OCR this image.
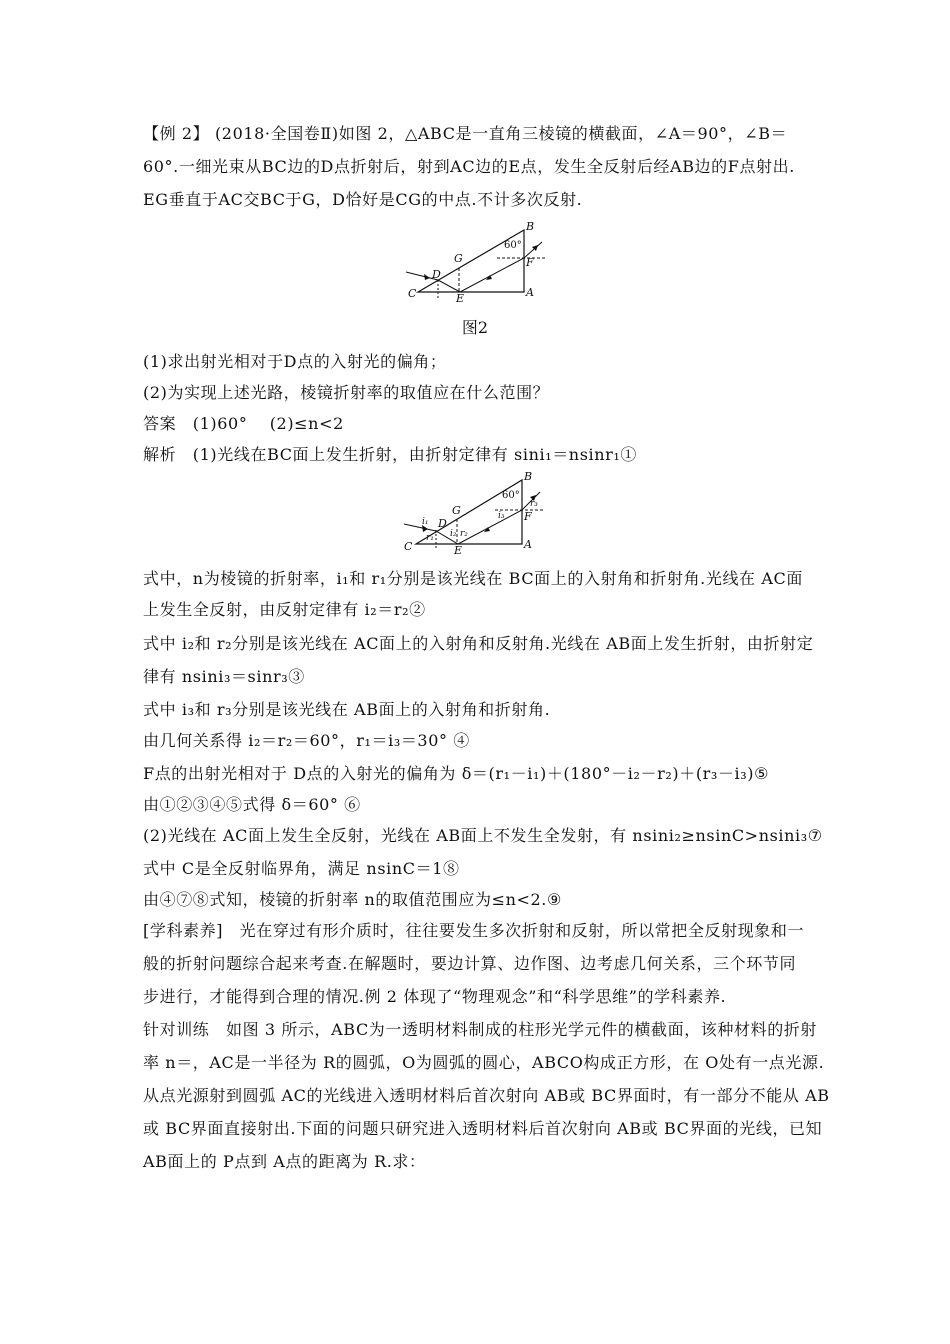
【例 2】 (2018·全国卷Ⅱ)如图 2，△ABC是一直角三棱镜的横截面，∠A＝90°，∠B＝
60°.一细光束从BC边的D点折射后，射到AC边的E点，发生全反射后经AB边的F点射出.
EG垂直于AC交BC于G，D恰好是CG的中点.不计多次反射.
B
C	A
D
E
F
G
60°
图2
(1)求出射光相对于D点的入射光的偏角；
(2)为实现上述光路，棱镜折射率的取值应在什么范围？
答案　(1)60°　 (2)≤n<2
解析　(1)光线在BC面上发生折射，由折射定律有 sini₁＝nsinr₁①
B
C	A
D
E
F
G
60°
i₁
r₁ i₂ r₂
i₃
r₃
式中，n为棱镜的折射率，i₁和 r₁分别是该光线在 BC面上的入射角和折射角.光线在 AC面
上发生全反射，由反射定律有 i₂＝r₂②
式中 i₂和 r₂分别是该光线在 AC面上的入射角和反射角.光线在 AB面上发生折射，由折射定
律有 nsini₃＝sinr₃③
式中 i₃和 r₃分别是该光线在 AB面上的入射角和折射角.
由几何关系得 i₂＝r₂＝60°，r₁＝i₃＝30° ④
F点的出射光相对于 D点的入射光的偏角为 δ＝(r₁－i₁)＋(180°－i₂－r₂)＋(r₃－i₃)⑤
由①②③④⑤式得 δ＝60° ⑥
(2)光线在 AC面上发生全反射，光线在 AB面上不发生全发射，有 nsini₂≥nsinC>nsini₃⑦
式中 C是全反射临界角，满足 nsinC＝1⑧
由④⑦⑧式知，棱镜的折射率 n的取值范围应为≤n<2.⑨
[学科素养]　光在穿过有形介质时，往往要发生多次折射和反射，所以常把全反射现象和一
般的折射问题综合起来考查.在解题时，要边计算、边作图、边考虑几何关系，三个环节同
步进行，才能得到合理的情况.例 2 体现了“物理观念”和“科学思维”的学科素养.
针对训练　如图 3 所示，ABC为一透明材料制成的柱形光学元件的横截面，该种材料的折射
率 n＝，AC是一半径为 R的圆弧，O为圆弧的圆心，ABCO构成正方形，在 O处有一点光源.
从点光源射到圆弧 AC的光线进入透明材料后首次射向 AB或 BC界面时，有一部分不能从 AB
或 BC界面直接射出.下面的问题只研究进入透明材料后首次射向 AB或 BC界面的光线，已知
AB面上的 P点到 A点的距离为 R.求：
